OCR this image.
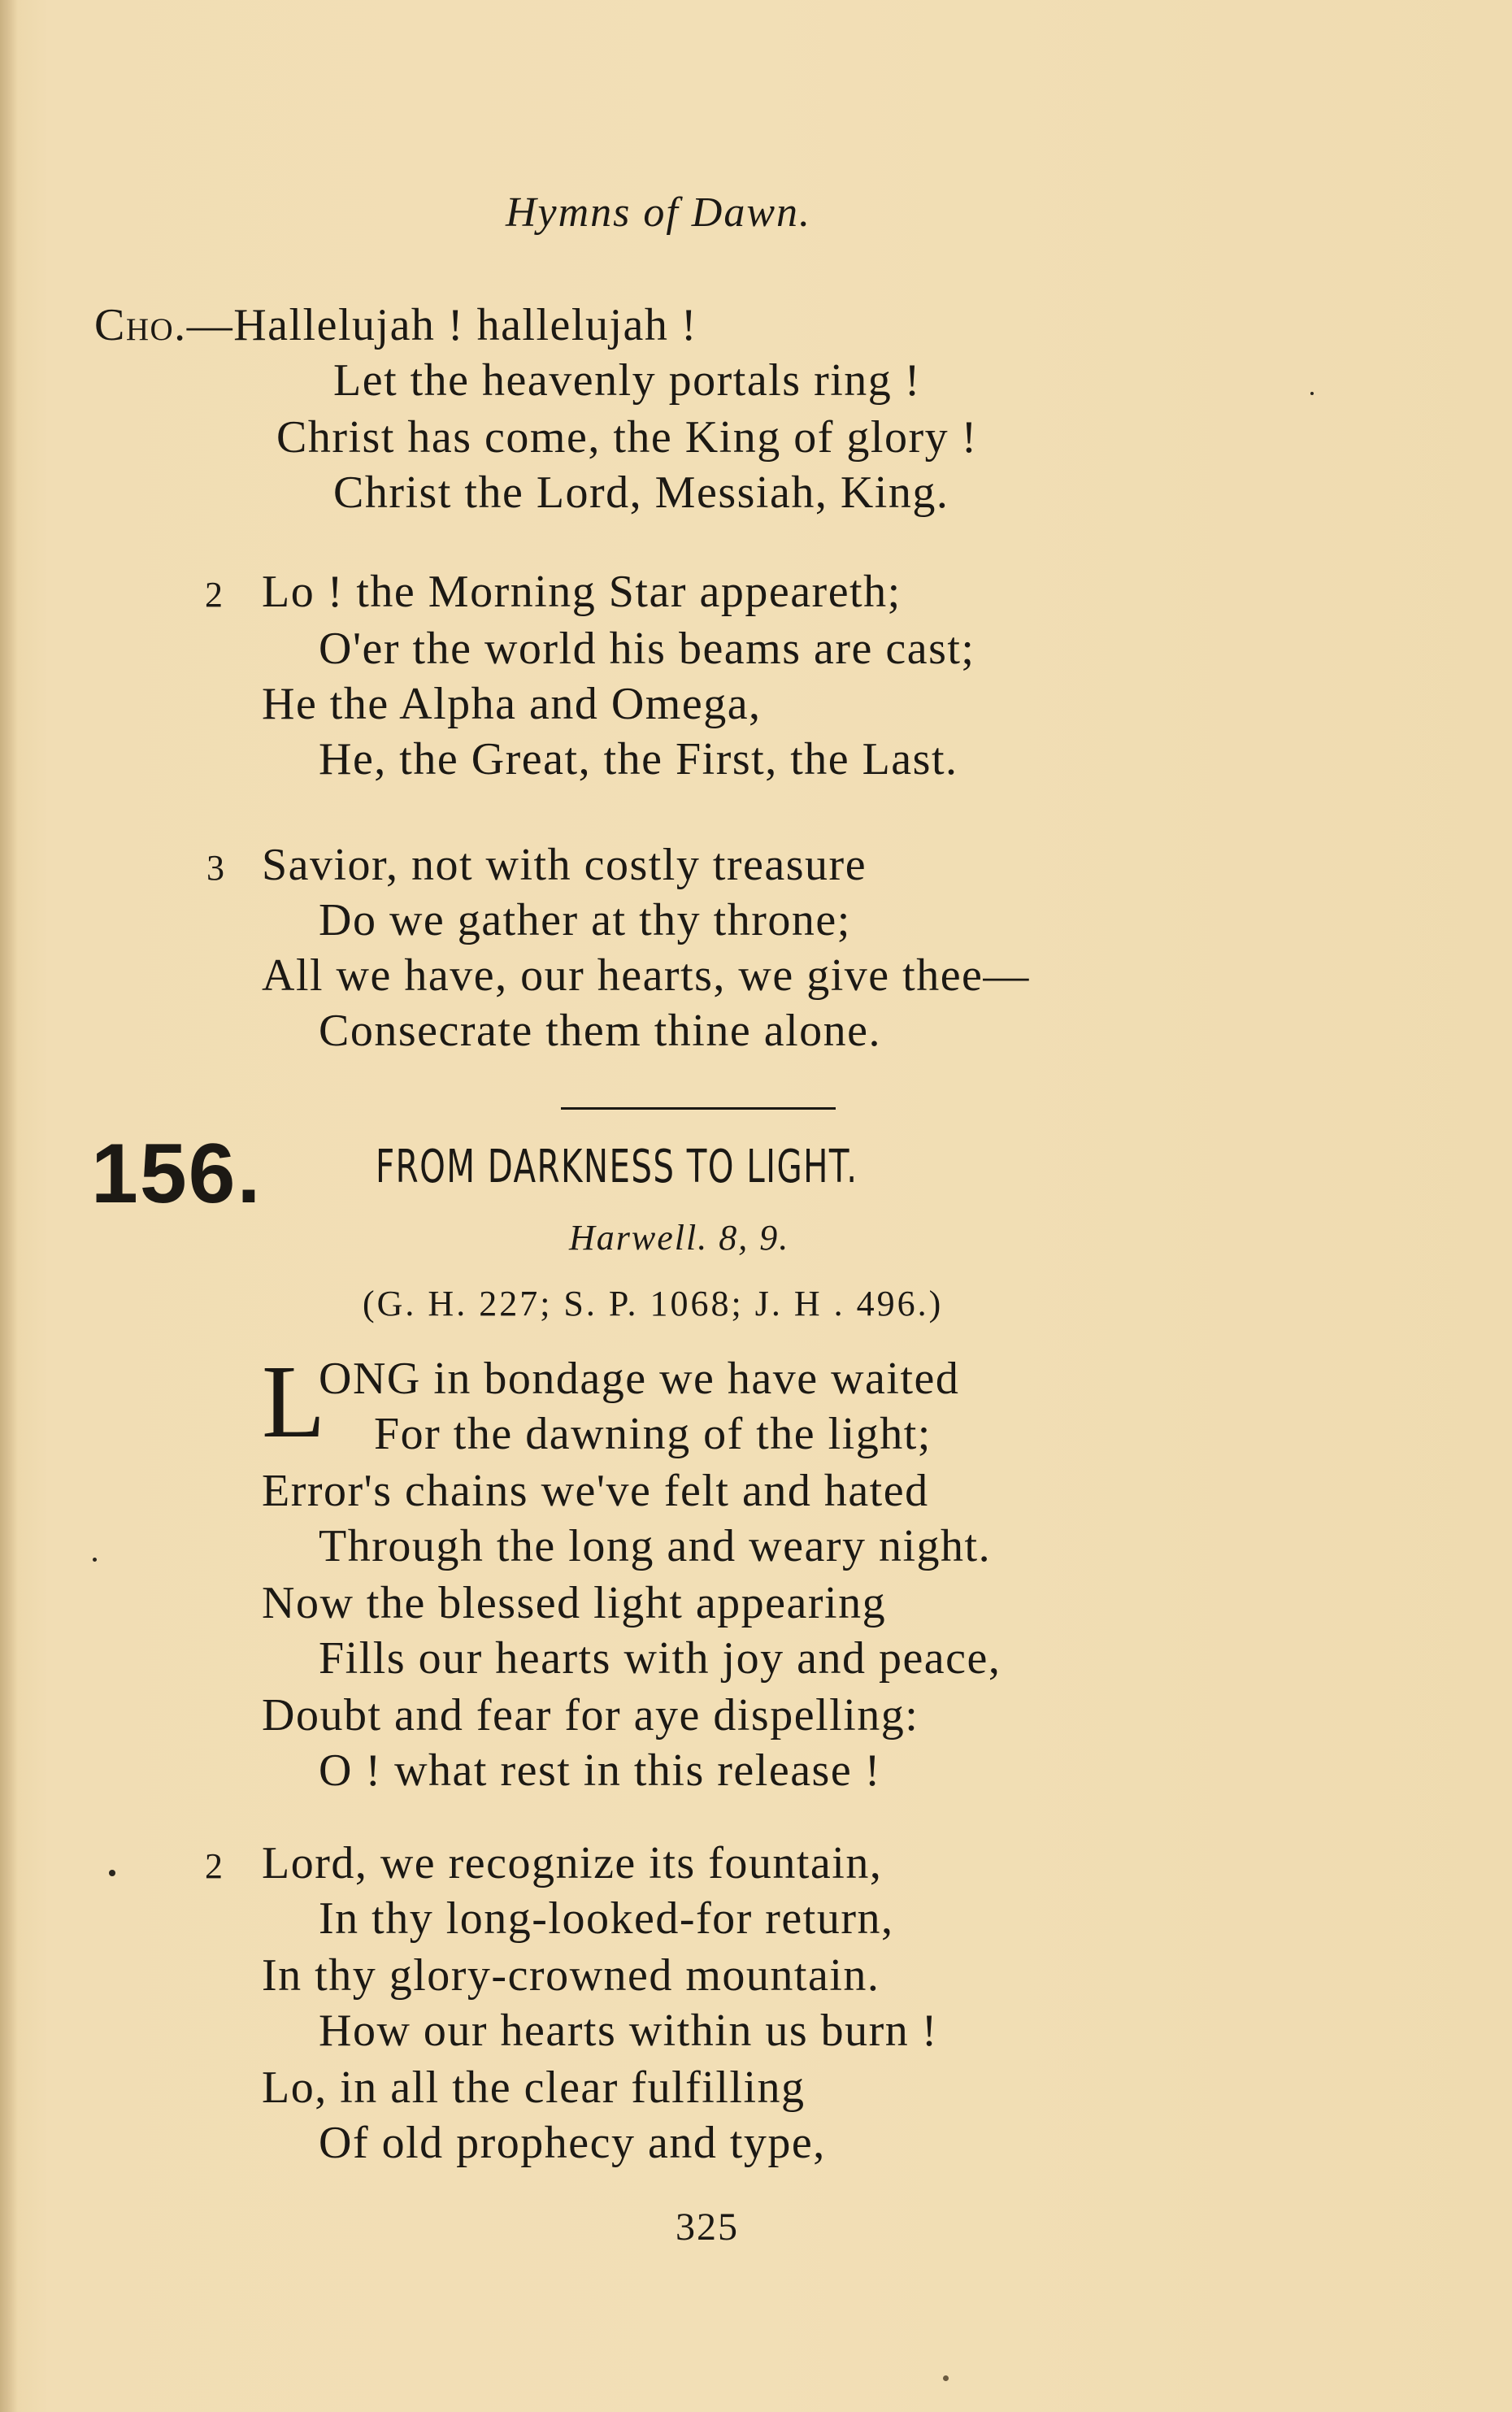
Hymns of Dawn.
Cho.—Hallelujah ! hallelujah !
Let the heavenly portals ring !
Christ has come, the King of glory !
Christ the Lord, Messiah, King.
2 Lo ! the Morning Star appeareth;
O'er the world his beams are cast;
He the Alpha and Omega,
He, the Great, the First, the Last.
3 Savior, not with costly treasure
Do we gather at thy throne;
All we have, our hearts, we give thee—
Consecrate them thine alone.
156. FROM DARKNESS TO LIGHT.
Harwell. 8, 9.
(G. H. 227; S. P. 1068; J. H . 496.)
L
ONG in bondage we have waited
For the dawning of the light;
Error's chains we've felt and hated
Through the long and weary night.
Now the blessed light appearing
Fills our hearts with joy and peace,
Doubt and fear for aye dispelling:
O ! what rest in this release !
2 Lord, we recognize its fountain,
In thy long-looked-for return,
In thy glory-crowned mountain.
How our hearts within us burn !
Lo, in all the clear fulfilling
Of old prophecy and type,
325
